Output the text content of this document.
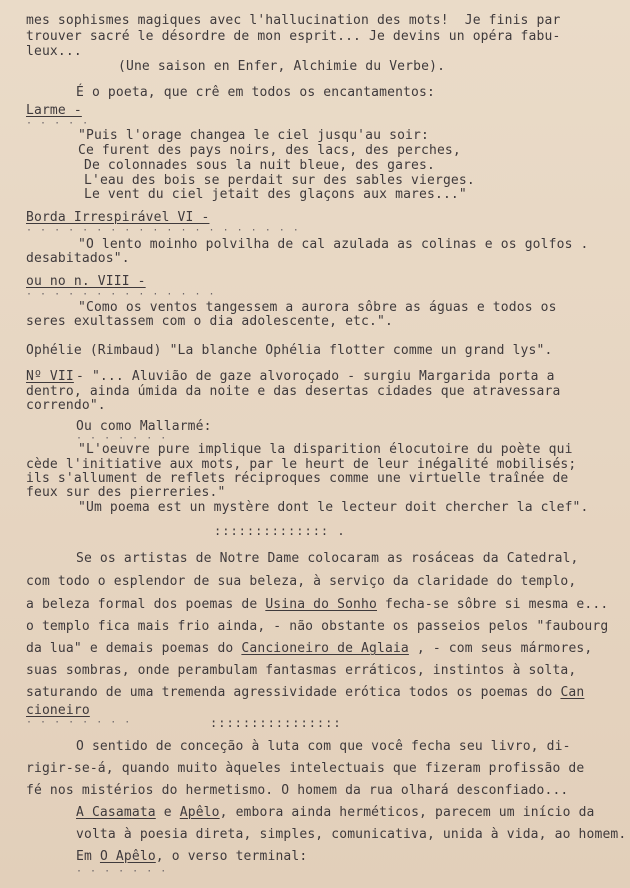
mes sophismes magiques avec l'hallucination des mots!  Je finis par
trouver sacré le désordre de mon esprit... Je devins un opéra fabu-
leux...
(Une saison en Enfer, Alchimie du Verbe).
É o poeta, que crê em todos os encantamentos:
Larme -
· · · · ·
"Puis l'orage changea le ciel jusqu'au soir:
Ce furent des pays noirs, des lacs, des perches,
De colonnades sous la nuit bleue, des gares.
L'eau des bois se perdait sur des sables vierges.
Le vent du ciel jetait des glaçons aux mares..."
Borda Irrespirável VI -
· · · · · · · · · · · · · · · · · · · ·
"O lento moinho polvilha de cal azulada as colinas e os golfos .
desabitados".
ou no n. VIII -
· · · · · · · · · · · · · ·
"Como os ventos tangessem a aurora sôbre as águas e todos os
seres exultassem com o dia adolescente, etc.".
Ophélie (Rimbaud) "La blanche Ophélia flotter comme un grand lys".
Nº VII - "... Aluvião de gaze alvoroçado - surgiu Margarida porta a
dentro, ainda úmida da noite e das desertas cidades que atravessara
correndo".
Ou como Mallarmé:
· · · · · · ·
"L'oeuvre pure implique la disparition élocutoire du poète qui
cède l'initiative aux mots, par le heurt de leur inégalité mobilisés;
ils s'allument de reflets réciproques comme une virtuelle traînée de
feux sur des pierreries."
"Um poema est un mystère dont le lecteur doit chercher la clef".
:::::::::::::: .
Se os artistas de Notre Dame colocaram as rosáceas da Catedral,
com todo o esplendor de sua beleza, à serviço da claridade do templo,
a beleza formal dos poemas de Usina do Sonho fecha-se sôbre si mesma e...
o templo fica mais frio ainda, - não obstante os passeios pelos "faubourg
da lua" e demais poemas do Cancioneiro de Aglaia , - com seus mármores,
suas sombras, onde perambulam fantasmas erráticos, instintos à solta,
saturando de uma tremenda agressividade erótica todos os poemas do Can
cioneiro
· · · · · · · ·	::::::::::::::::
O sentido de conceção à luta com que você fecha seu livro, di-
rigir-se-á, quando muito àqueles intelectuais que fizeram profissão de
fé nos mistérios do hermetismo. O homem da rua olhará desconfiado...
A Casamata e Apêlo, embora ainda herméticos, parecem um início da
volta à poesia direta, simples, comunicativa, unida à vida, ao homem.
Em O Apêlo, o verso terminal:
· · · · · · ·
